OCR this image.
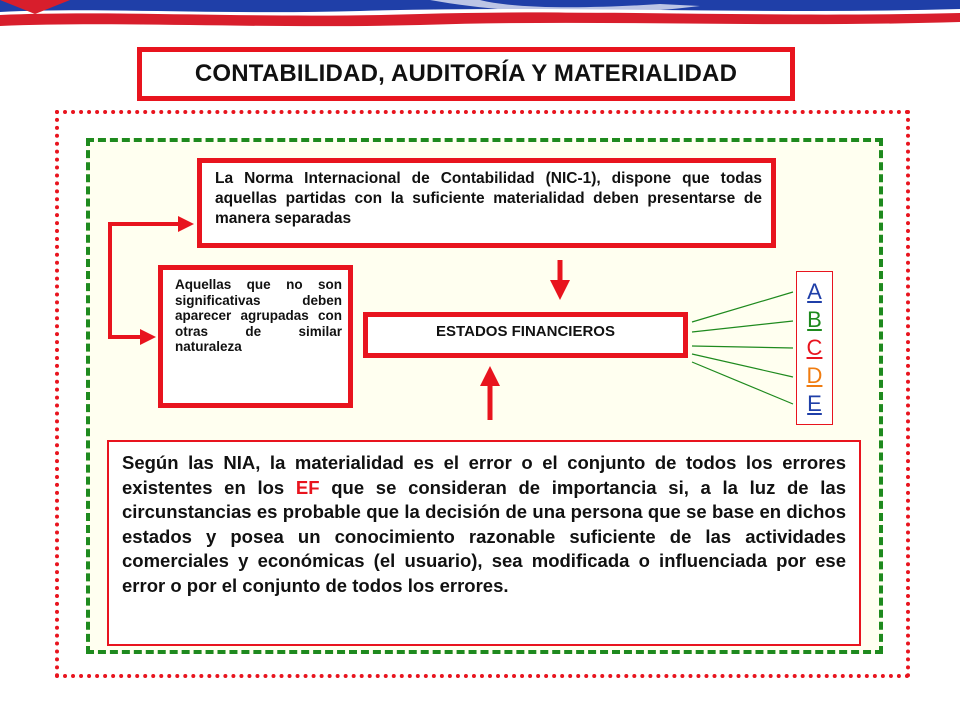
CONTABILIDAD, AUDITORÍA Y MATERIALIDAD
La Norma Internacional de Contabilidad (NIC-1), dispone que todas aquellas partidas con la suficiente materialidad deben presentarse de manera separadas
Aquellas que no son significativas deben aparecer agrupadas con otras de similar naturaleza
ESTADOS FINANCIEROS
A
B
C
D
E
Según las NIA, la materialidad es el error o el conjunto de todos los errores existentes en los EF que se consideran de importancia si, a la luz de las circunstancias es probable que la decisión de una persona que se base en dichos estados y posea un conocimiento razonable suficiente de las actividades comerciales y económicas (el usuario), sea modificada o influenciada por ese error o por el conjunto de todos los errores.
